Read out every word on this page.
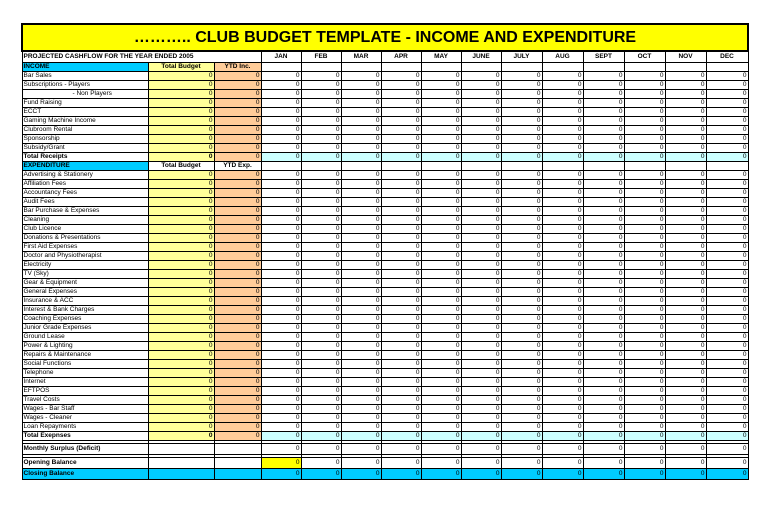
……….. CLUB BUDGET TEMPLATE - INCOME AND EXPENDITURE														
PROJECTED CASHFLOW FOR THE YEAR ENDED 2005			JAN	FEB	MAR	APR	MAY	JUNE	JULY	AUG	SEPT	OCT	NOV	DEC
INCOME	Total Budget	YTD Inc.												
Bar Sales	0	0	0	0	0	0	0	0	0	0	0	0	0	0
Subscriptions - Players	0	0	0	0	0	0	0	0	0	0	0	0	0	0
- Non Players	0	0	0	0	0	0	0	0	0	0	0	0	0	0
Fund Raising	0	0	0	0	0	0	0	0	0	0	0	0	0	0
ECCT	0	0	0	0	0	0	0	0	0	0	0	0	0	0
Gaming Machine Income	0	0	0	0	0	0	0	0	0	0	0	0	0	0
Clubroom Rental	0	0	0	0	0	0	0	0	0	0	0	0	0	0
Sponsorship	0	0	0	0	0	0	0	0	0	0	0	0	0	0
Subsidy/Grant	0	0	0	0	0	0	0	0	0	0	0	0	0	0
Total Receipts	0	0	0	0	0	0	0	0	0	0	0	0	0	0
EXPENDITURE	Total Budget	YTD Exp.												
Advertising & Stationery	0	0	0	0	0	0	0	0	0	0	0	0	0	0
Affiliation Fees	0	0	0	0	0	0	0	0	0	0	0	0	0	0
Accountancy Fees	0	0	0	0	0	0	0	0	0	0	0	0	0	0
Audit Fees	0	0	0	0	0	0	0	0	0	0	0	0	0	0
Bar Purchase & Expenses	0	0	0	0	0	0	0	0	0	0	0	0	0	0
Cleaning	0	0	0	0	0	0	0	0	0	0	0	0	0	0
Club Licence	0	0	0	0	0	0	0	0	0	0	0	0	0	0
Donations & Presentations	0	0	0	0	0	0	0	0	0	0	0	0	0	0
First Aid Expenses	0	0	0	0	0	0	0	0	0	0	0	0	0	0
Doctor and Physiotherapist	0	0	0	0	0	0	0	0	0	0	0	0	0	0
Electricity	0	0	0	0	0	0	0	0	0	0	0	0	0	0
TV (Sky)	0	0	0	0	0	0	0	0	0	0	0	0	0	0
Gear & Equipment	0	0	0	0	0	0	0	0	0	0	0	0	0	0
General Expenses	0	0	0	0	0	0	0	0	0	0	0	0	0	0
Insurance & ACC	0	0	0	0	0	0	0	0	0	0	0	0	0	0
Interest & Bank Charges	0	0	0	0	0	0	0	0	0	0	0	0	0	0
Coaching Expenses	0	0	0	0	0	0	0	0	0	0	0	0	0	0
Junior Grade Expenses	0	0	0	0	0	0	0	0	0	0	0	0	0	0
Ground Lease	0	0	0	0	0	0	0	0	0	0	0	0	0	0
Power & Lighting	0	0	0	0	0	0	0	0	0	0	0	0	0	0
Repairs & Maintenance	0	0	0	0	0	0	0	0	0	0	0	0	0	0
Social Functions	0	0	0	0	0	0	0	0	0	0	0	0	0	0
Telephone	0	0	0	0	0	0	0	0	0	0	0	0	0	0
Internet	0	0	0	0	0	0	0	0	0	0	0	0	0	0
EFTPOS	0	0	0	0	0	0	0	0	0	0	0	0	0	0
Travel Costs	0	0	0	0	0	0	0	0	0	0	0	0	0	0
Wages - Bar Staff	0	0	0	0	0	0	0	0	0	0	0	0	0	0
Wages - Cleaner	0	0	0	0	0	0	0	0	0	0	0	0	0	0
Loan Repayments	0	0	0	0	0	0	0	0	0	0	0	0	0	0
Total Exepnses	0	0	0	0	0	0	0	0	0	0	0	0	0	0

Monthly Surplus (Deficit)			0	0	0	0	0	0	0	0	0	0	0	0

Opening Balance			0	0	0	0	0	0	0	0	0	0	0	0
Closing Balance			0	0	0	0	0	0	0	0	0	0	0	0
